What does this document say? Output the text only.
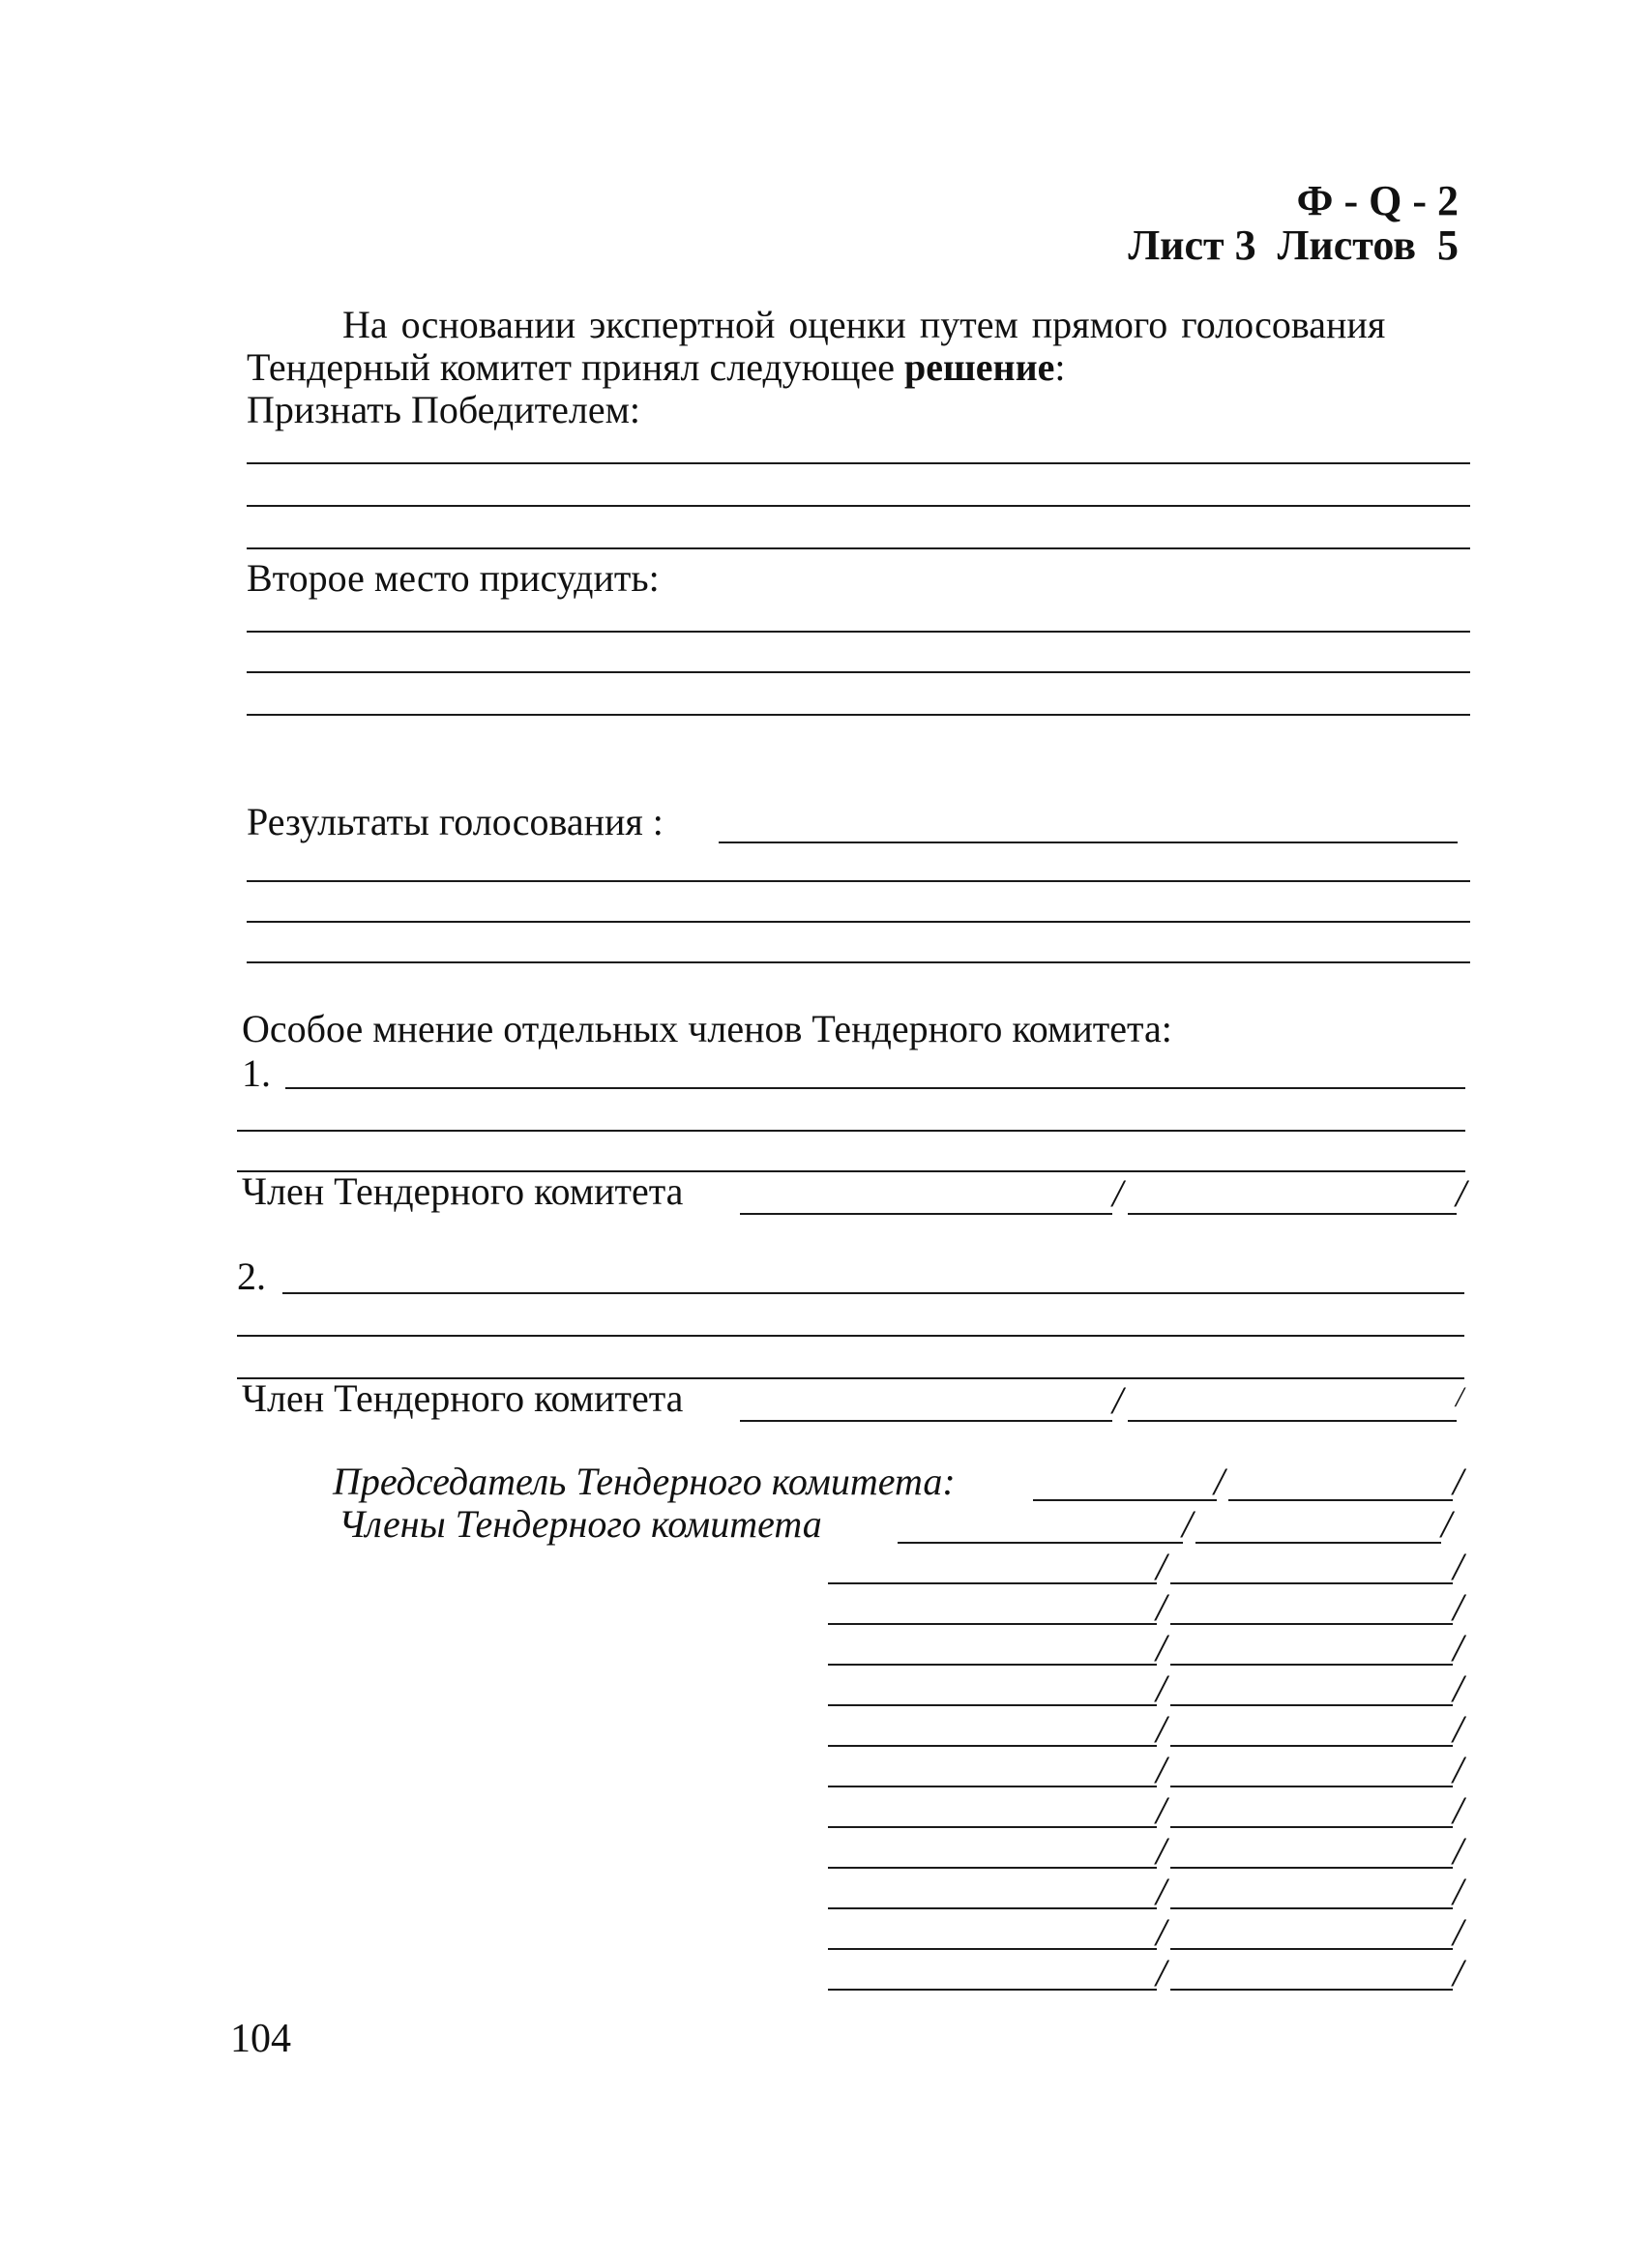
Ф - Q - 2
Лист 3  Листов  5
На основании экспертной оценки путем прямого голосования
Тендерный комитет принял следующее решение:
Признать Победителем:
Второе место присудить:
Результаты голосования :
Особое мнение отдельных членов Тендерного комитета:
1.
Член Тендерного комитета	/	/
2.
Член Тендерного комитета	/	/
Председатель Тендерного комитета:	/	/
Члены Тендерного комитета	/	/
/	/
/	/
/	/
/	/
/	/
/	/
/	/
/	/
/	/
/	/
/	/
104
